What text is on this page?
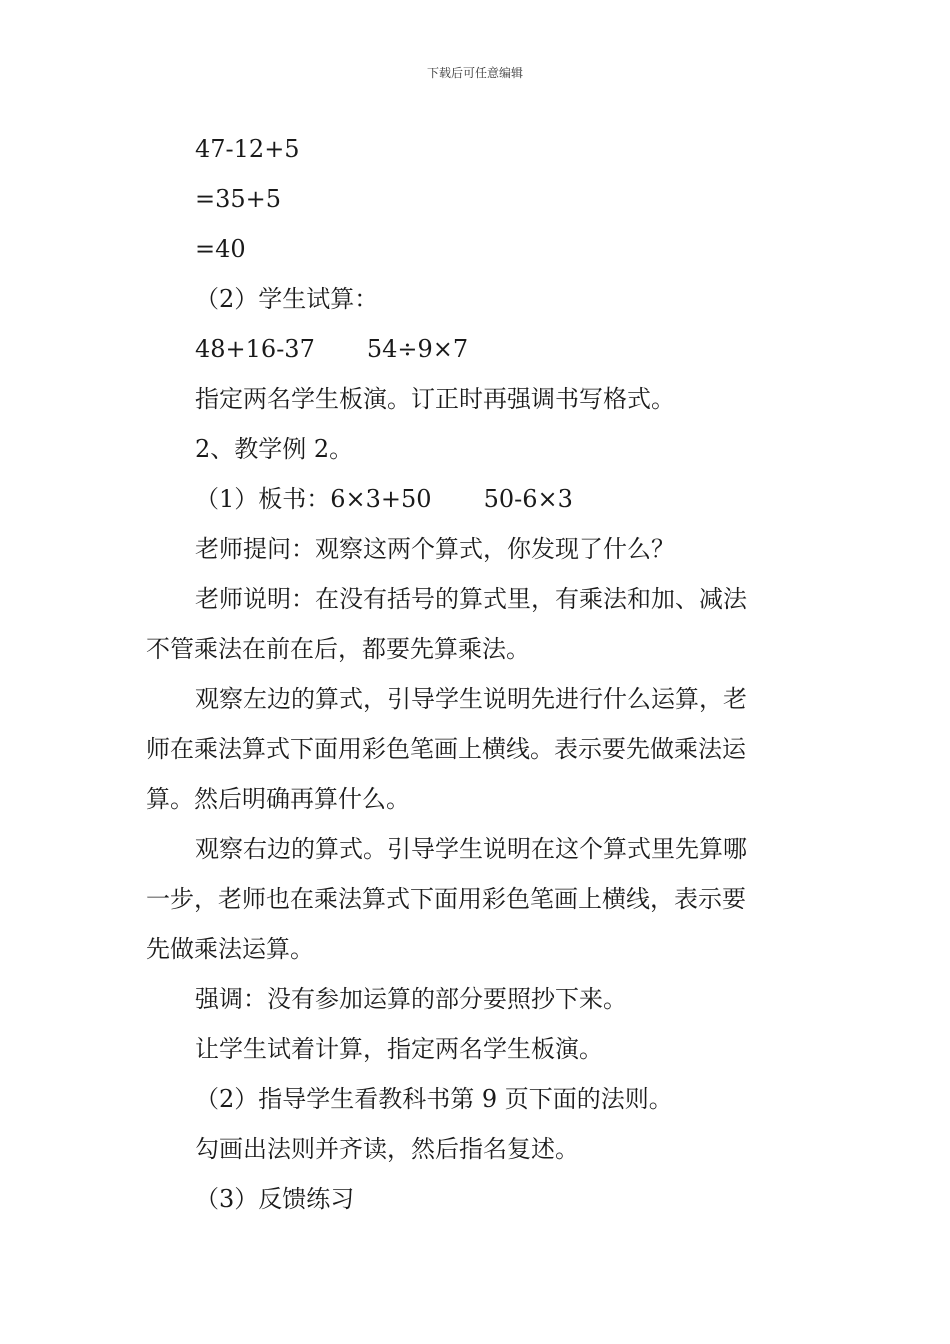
下载后可任意编辑
47-12+5
=35+5
=40
（2）学生试算：
48+16-37 54÷9×7
指定两名学生板演。订正时再强调书写格式。
2、教学例 2。
（1）板书：6×3+50 50-6×3
老师提问：观察这两个算式，你发现了什么？
老师说明：在没有括号的算式里，有乘法和加、减法
不管乘法在前在后，都要先算乘法。
观察左边的算式，引导学生说明先进行什么运算，老
师在乘法算式下面用彩色笔画上横线。表示要先做乘法运
算。然后明确再算什么。
观察右边的算式。引导学生说明在这个算式里先算哪
一步，老师也在乘法算式下面用彩色笔画上横线，表示要
先做乘法运算。
强调：没有参加运算的部分要照抄下来。
让学生试着计算，指定两名学生板演。
（2）指导学生看教科书第 9 页下面的法则。
勾画出法则并齐读，然后指名复述。
（3）反馈练习
